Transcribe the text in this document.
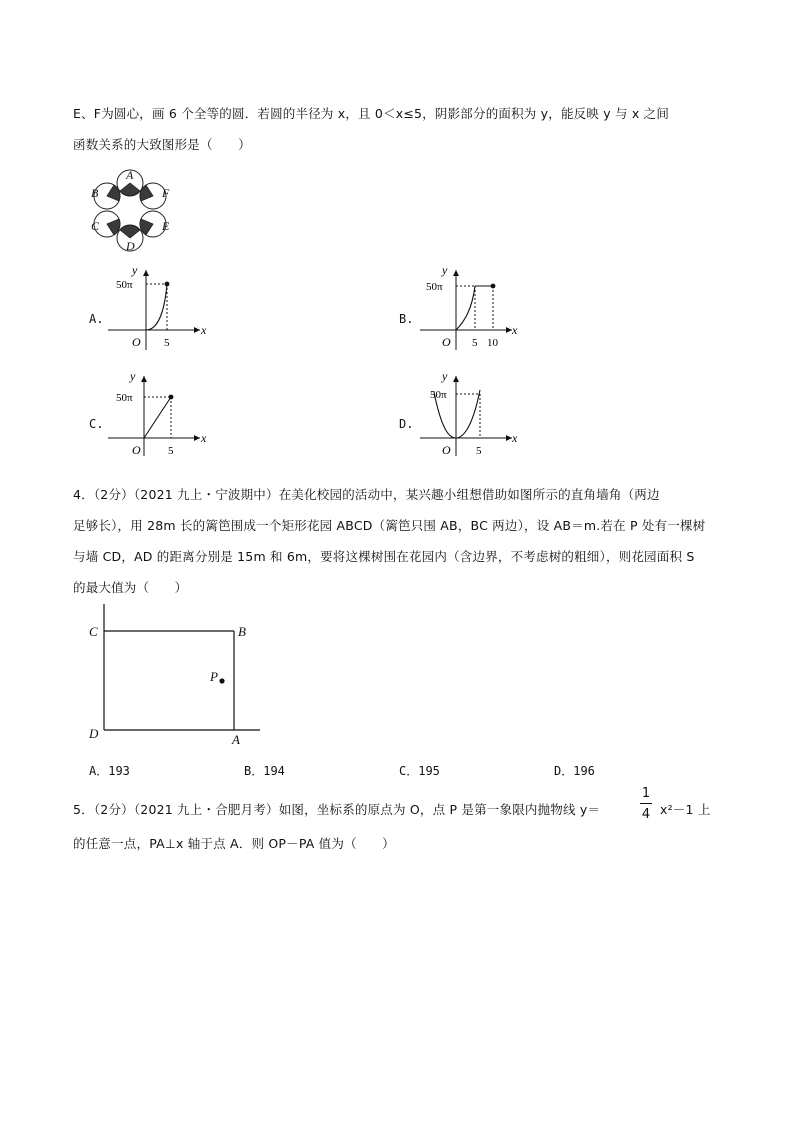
E、F为圆心，画 6 个全等的圆．若圆的半径为 x，且 0＜x≤5，阴影部分的面积为 y，能反映 y 与 x 之间
函数关系的大致图形是（　　）
A
B	F
C	E
D
A.
50π
y
x
O 5
B.
50π
y
x
O 5 10
C.
50π
y
x
O 5
D.
50π
y
x
O 5
4．（2分）（2021 九上・宁波期中）在美化校园的活动中，某兴趣小组想借助如图所示的直角墙角（两边
足够长），用 28m 长的篱笆围成一个矩形花园 ABCD（篱笆只围 AB，BC 两边），设 AB＝m.若在 P 处有一棵树
与墙 CD，AD 的距离分别是 15m 和 6m，要将这棵树围在花园内（含边界，不考虑树的粗细），则花园面积 S
的最大值为（　　）
C	B
P
D	A
A．193	B．194	C．195	D．196
5．（2分）（2021 九上・合肥月考）如图，坐标系的原点为 O，点 P 是第一象限内抛物线 y＝
1
4 x²－1 上
的任意一点，PA⊥x 轴于点 A．则 OP－PA 值为（　　）
